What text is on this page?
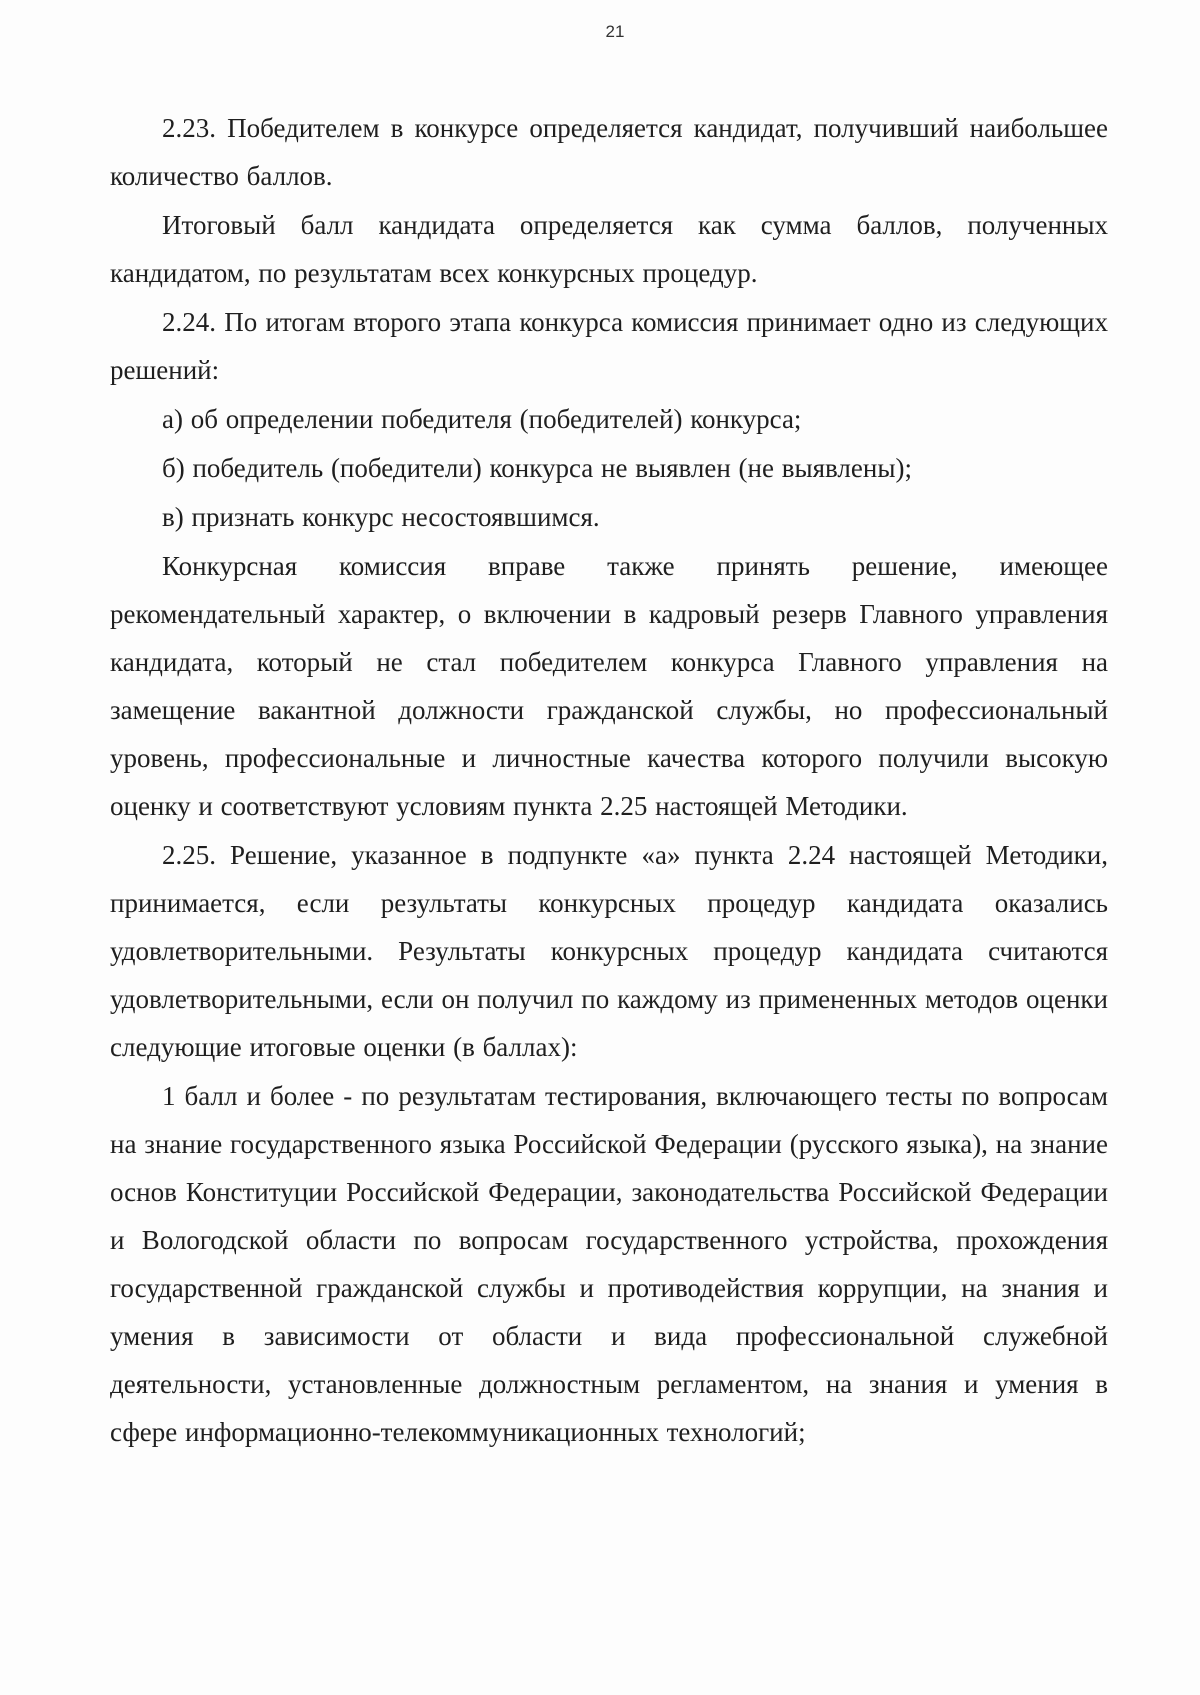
21

2.23. Победителем в конкурсе определяется кандидат, получивший наибольшее количество баллов.

Итоговый балл кандидата определяется как сумма баллов, полученных кандидатом, по результатам всех конкурсных процедур.

2.24. По итогам второго этапа конкурса комиссия принимает одно из следующих решений:

а) об определении победителя (победителей) конкурса;

б) победитель (победители) конкурса не выявлен (не выявлены);

в) признать конкурс несостоявшимся.

Конкурсная комиссия вправе также принять решение, имеющее рекомендательный характер, о включении в кадровый резерв Главного управления кандидата, который не стал победителем конкурса Главного управления на замещение вакантной должности гражданской службы, но профессиональный уровень, профессиональные и личностные качества которого получили высокую оценку и соответствуют условиям пункта 2.25 настоящей Методики.

2.25. Решение, указанное в подпункте «а» пункта 2.24 настоящей Методики, принимается, если результаты конкурсных процедур кандидата оказались удовлетворительными. Результаты конкурсных процедур кандидата считаются удовлетворительными, если он получил по каждому из примененных методов оценки следующие итоговые оценки (в баллах):

1 балл и более - по результатам тестирования, включающего тесты по вопросам на знание государственного языка Российской Федерации (русского языка), на знание основ Конституции Российской Федерации, законодательства Российской Федерации и Вологодской области по вопросам государственного устройства, прохождения государственной гражданской службы и противодействия коррупции, на знания и умения в зависимости от области и вида профессиональной служебной деятельности, установленные должностным регламентом, на знания и умения в сфере информационно-телекоммуникационных технологий;
